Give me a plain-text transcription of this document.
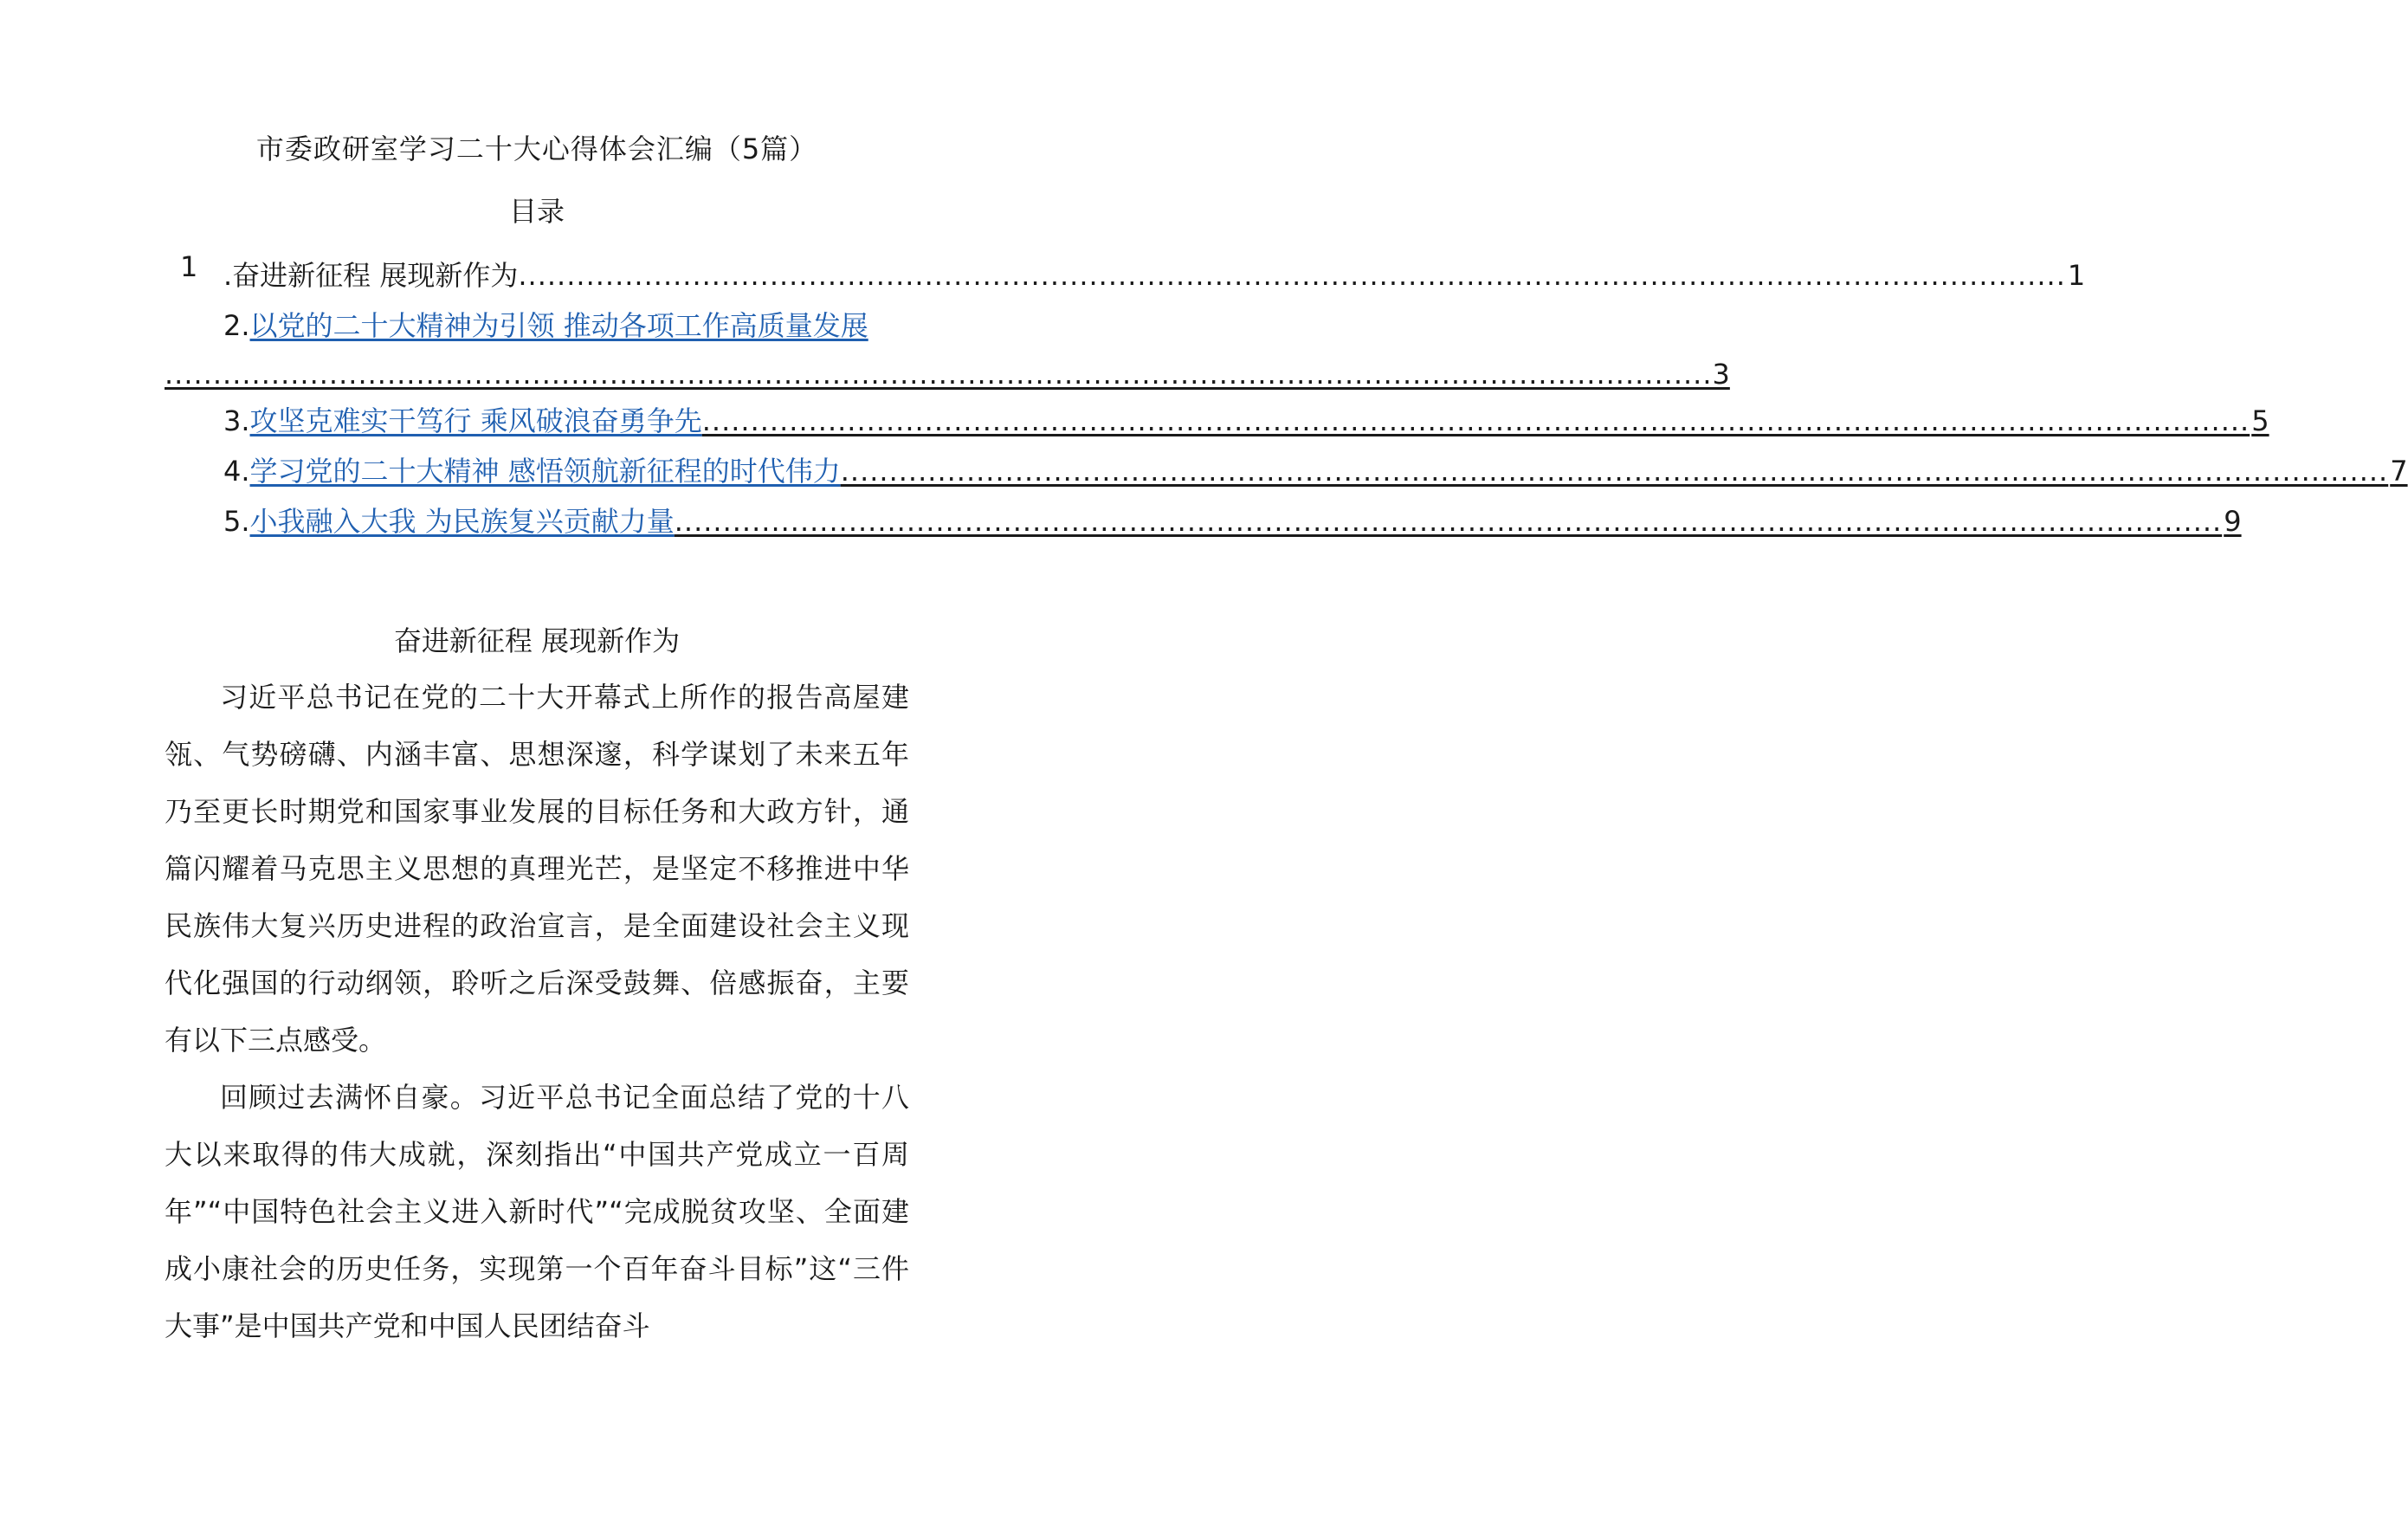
市委政研室学习二十大心得体会汇编（5篇）
目录
1 . 奋进新征程 展现新作为 ................................................................................................................................................................ 1
2. 以党的二十大精神为引领 推动各项工作高质量发展
................................................................................................................................................................ 3
3. 攻坚克难实干笃行 乘风破浪奋勇争先 ................................................................................................................................................................ 5
4. 学习党的二十大精神 感悟领航新征程的时代伟力 ................................................................................................................................................................ 7
5. 小我融入大我 为民族复兴贡献力量 ................................................................................................................................................................ 9
奋进新征程 展现新作为

习近平总书记在党的二十大开幕式上所作的报告高屋建瓴、气势磅礴、内涵丰富、思想深邃，科学谋划了未来五年乃至更长时期党和国家事业发展的目标任务和大政方针，通篇闪耀着马克思主义思想的真理光芒，是坚定不移推进中华民族伟大复兴历史进程的政治宣言，是全面建设社会主义现代化强国的行动纲领，聆听之后深受鼓舞、倍感振奋，主要有以下三点感受。

回顾过去满怀自豪。习近平总书记全面总结了党的十八大以来取得的伟大成就，深刻指出“中国共产党成立一百周年”“中国特色社会主义进入新时代”“完成脱贫攻坚、全面建成小康社会的历史任务，实现第一个百年奋斗目标”这“三件大事”是中国共产党和中国人民团结奋斗
